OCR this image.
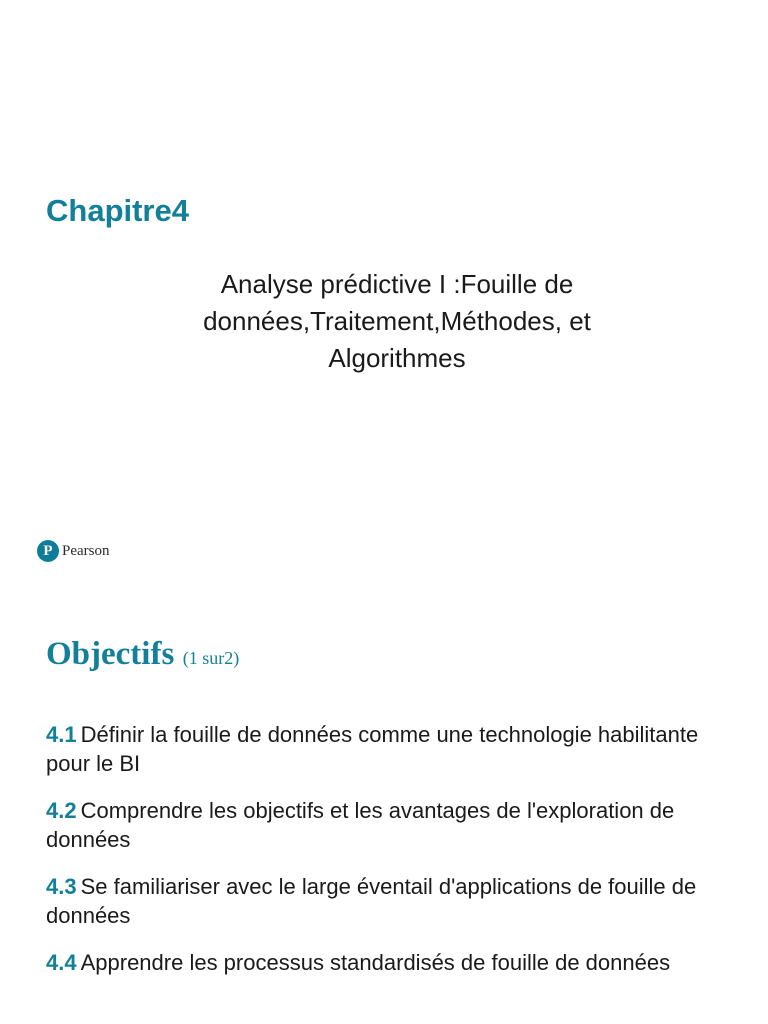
Chapitre4
Analyse prédictive I :Fouille de
données,Traitement,Méthodes, et
Algorithmes
P Pearson
Objectifs (1 sur2)
4.1 Définir la fouille de données comme une technologie habilitante pour le BI
4.2 Comprendre les objectifs et les avantages de l'exploration de données
4.3 Se familiariser avec le large éventail d'applications de fouille de données
4.4 Apprendre les processus standardisés de fouille de données
